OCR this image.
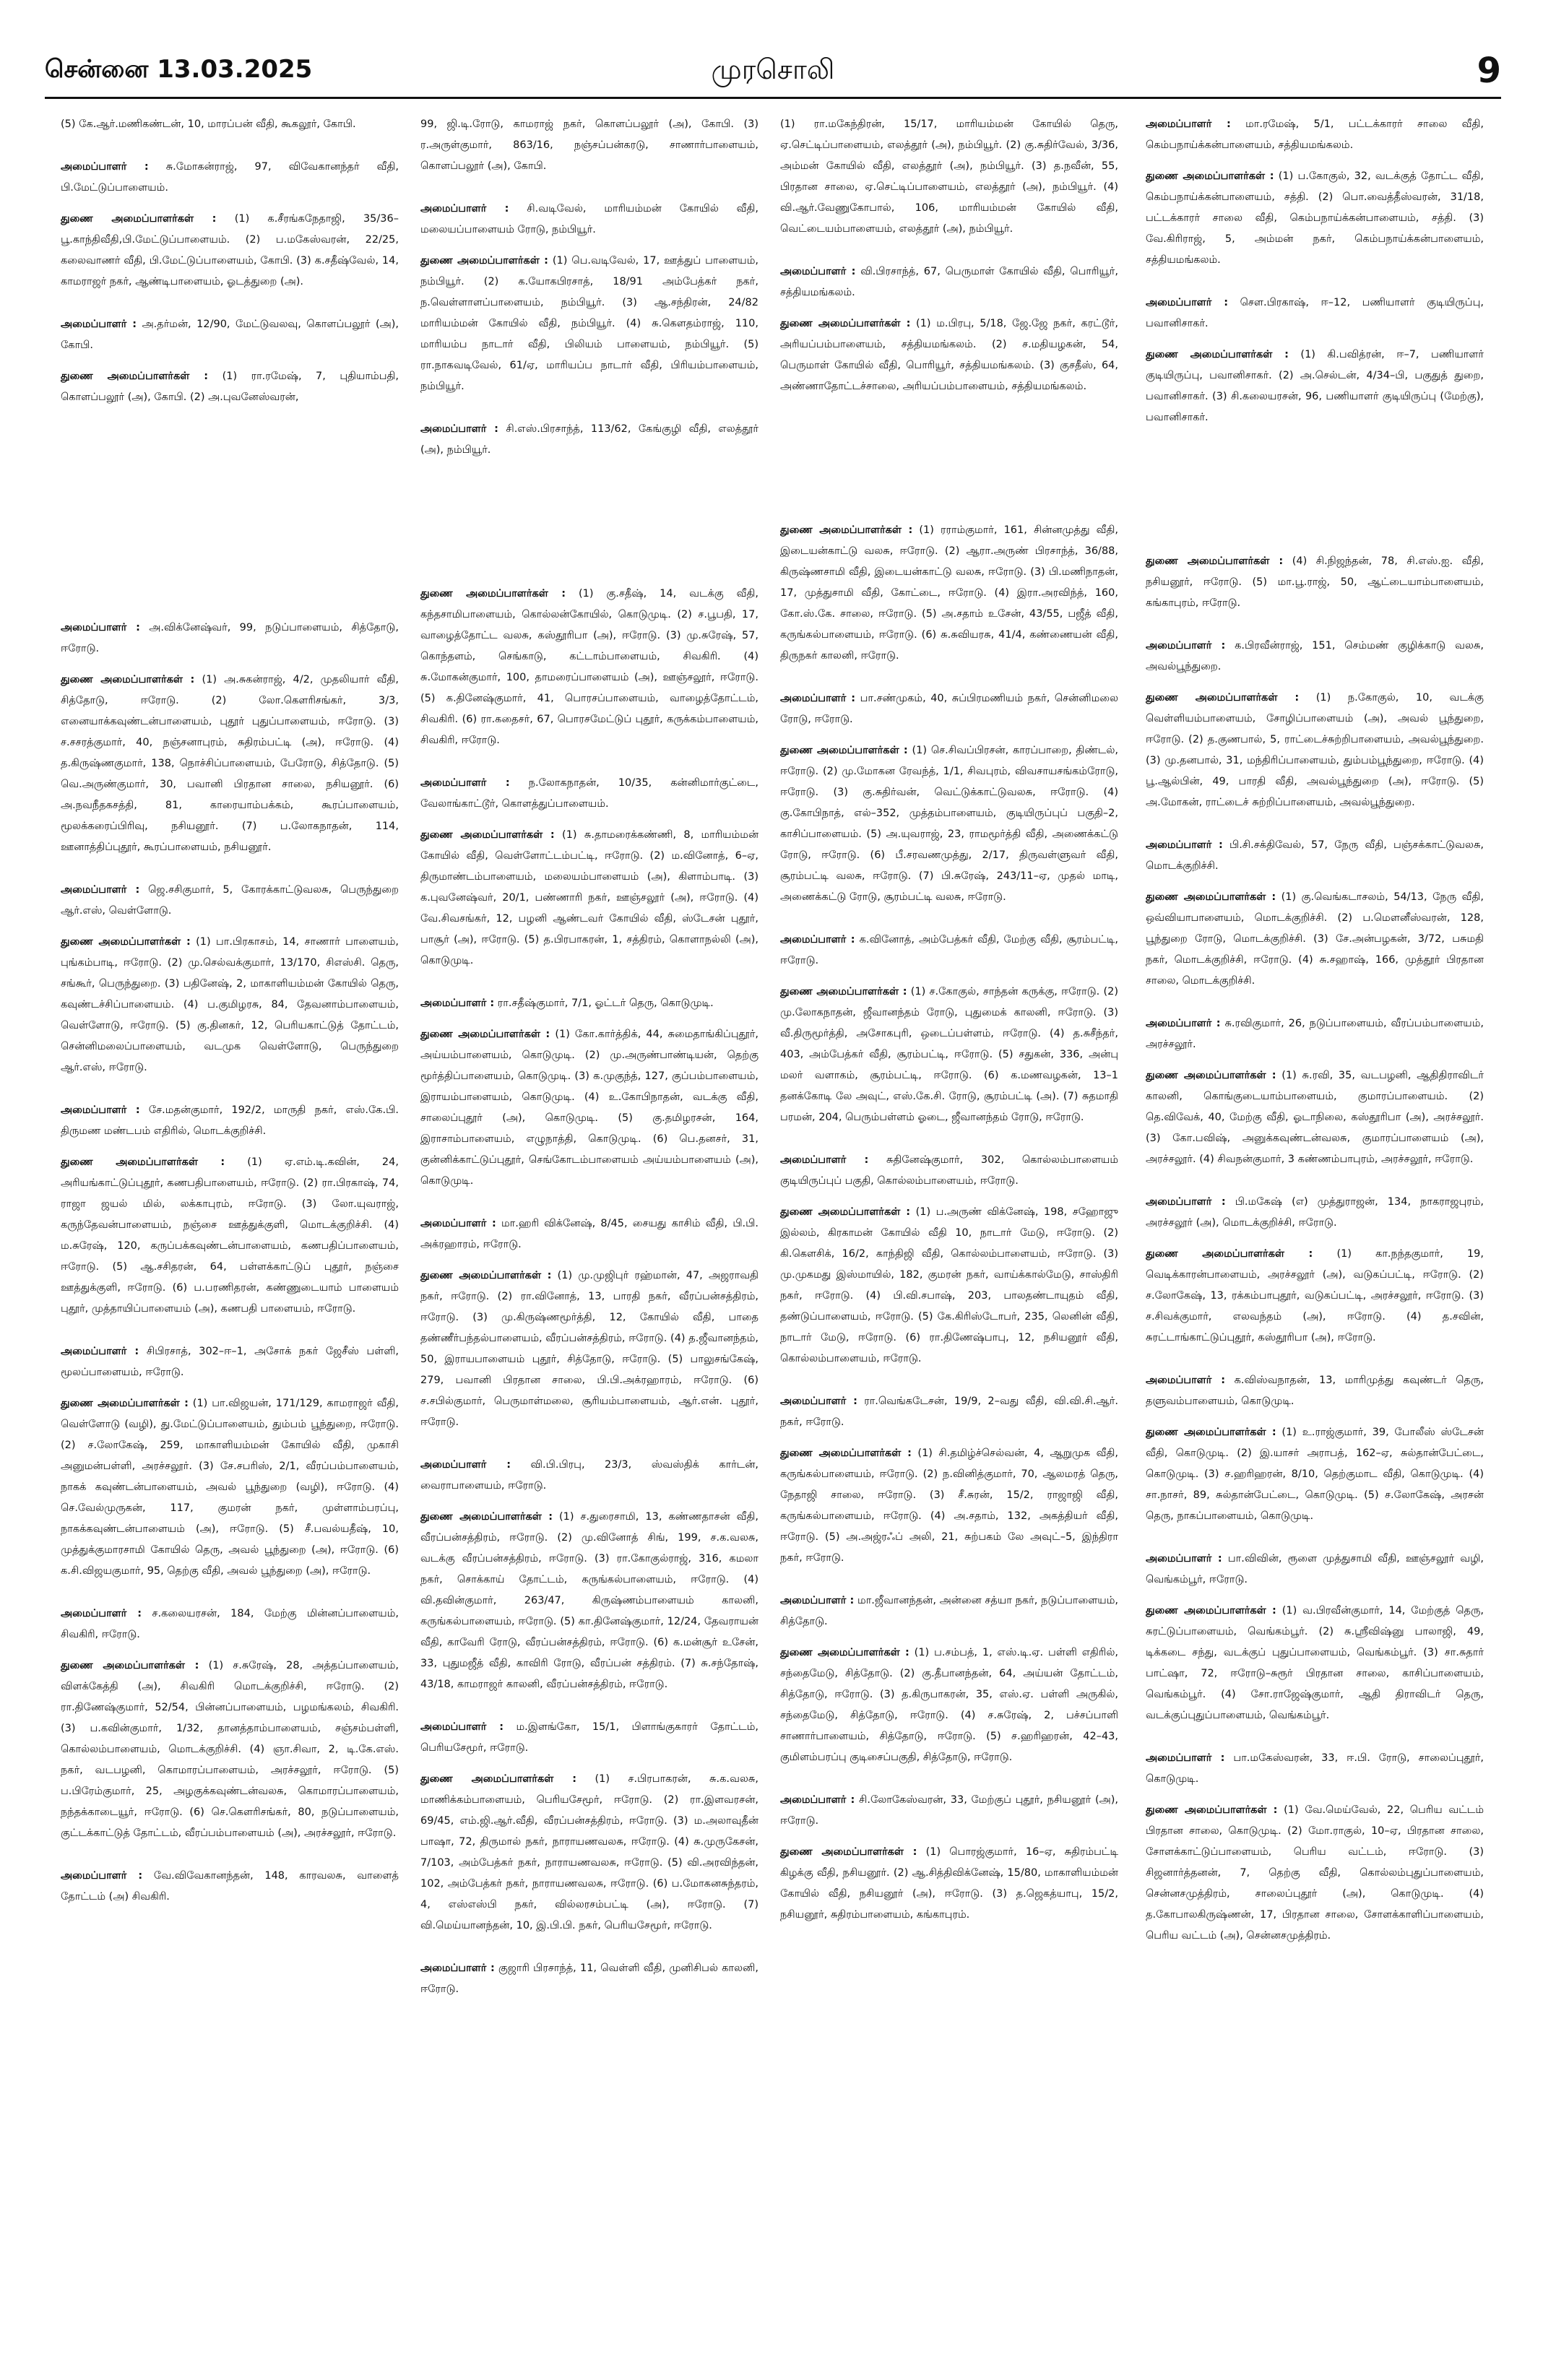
சென்னை 13.03.2025	முரசொலி	9

(5) கே.ஆர்.மணிகண்டன், 10, மாரப்பன் வீதி, கூகலூர், கோபி.

அமைப்பாளர் : சு.மோகன்ராஜ், 97, விவேகானந்தர் வீதி, பி.மேட்டுப்பாளையம்.

துணை அமைப்பாளர்கள் : (1) க.சீரங்கநேதாஜி, 35/36–பூ.காந்திவீதி,பி.மேட்டுப்பாளையம். (2) ப.மகேஸ்வரன், 22/25, கலைவாணர் வீதி, பி.மேட்டுப்பாளையம், கோபி. (3) க.சதீஷ்வேல், 14, காமராஜர் நகர், ஆண்டிபாளையம், ஓடத்துறை (அ).

அமைப்பாளர் : அ.தர்மன், 12/90, மேட்டுவலவு, கொளப்பலூர் (அ), கோபி.

துணை அமைப்பாளர்கள் : (1) ரா.ரமேஷ், 7, புதியாம்பதி, கொளப்பலூர் (அ), கோபி. (2) அ.புவனேஸ்வரன்,

அமைப்பாளர் : அ.விக்னேஷ்வர், 99, நடுப்பாளையம், சித்தோடு, ஈரோடு.

துணை அமைப்பாளர்கள் : (1) அ.சுகன்ராஜ், 4/2, முதலியார் வீதி, சித்தோடு, ஈரோடு. (2) லோ.கௌரிசங்கர், 3/3, எனையாக்கவுண்டன்பாளையம், புதூர் புதுப்பாளையம், ஈரோடு. (3) ச.சசரத்குமார், 40, நஞ்சனாபுரம், சுதிரம்பட்டி (அ), ஈரோடு. (4) த.கிருஷ்ணகுமார், 138, நொச்சிப்பாளையம், பேரோடு, சித்தோடு. (5) வெ.அருண்குமார், 30, பவானி பிரதான சாலை, நசியனூர். (6) அ.நவநீதகசத்தி, 81, காரையாம்பக்கம், கூரப்பாளையம், மூலக்கரைப்பிரிவு, நசியனூர். (7) ப.லோகநாதன், 114, ஊனாத்திப்புதூர், கூரப்பாளையம், நசியனூர்.

அமைப்பாளர் : ஜெ.சசிகுமார், 5, கோரக்காட்டுவலசு, பெருந்துறை ஆர்.எஸ், வெள்ளோடு.

துணை அமைப்பாளர்கள் : (1) பா.பிரகாசம், 14, சாணார் பாளையம், புங்கம்பாடி, ஈரோடு. (2) மு.செல்வக்குமார், 13/170, சிஎஸ்சி. தெரு, சங்கூர், பெருந்துறை. (3) பதினேஷ், 2, மாகாளியம்மன் கோயில் தெரு, கவுண்டச்சிப்பாளையம். (4) ப.குமிழரசு, 84, தேவனாம்பாளையம், வெள்ளோடு, ஈரோடு. (5) கு.தினகர், 12, பெரியகாட்டுத் தோட்டம், சென்னிமலைப்பாளையம், வடமுக வெள்ளோடு, பெருந்துறை ஆர்.எஸ், ஈரோடு.

அமைப்பாளர் : சே.மதன்குமார், 192/2, மாருதி நகர், எஸ்.கே.பி. திருமண மண்டபம் எதிரில், மொடக்குறிச்சி.

துணை அமைப்பாளர்கள் : (1) ஏ.எம்.டி.கவின், 24, அரியங்காட்டுப்புதூர், கணபதிபாளையம், ஈரோடு. (2) ரா.பிரகாஷ், 74, ராஜா ஜயல் மில், லக்காபுரம், ஈரோடு. (3) லோ.யுவராஜ், கருந்தேவன்பாளையம், நஞ்சை ஊத்துக்குளி, மொடக்குறிச்சி. (4) ம.சுரேஷ், 120, கருப்பக்கவுண்டன்பாளையம், கணபதிப்பாளையம், ஈரோடு. (5) ஆ.சசிதரன், 64, பள்ளக்காட்டுப் புதூர், நஞ்சை ஊத்துக்குளி, ஈரோடு. (6) ப.பரணிதரன், கண்ணுடையாம் பாளையம் புதூர், முத்தாயிப்பாளையம் (அ), கணபதி பாளையம், ஈரோடு.

அமைப்பாளர் : சிபிரசாத், 302–ஈ–1, அசோக் நகர் ஜேசீஸ் பள்ளி, மூலப்பாளையம், ஈரோடு.

துணை அமைப்பாளர்கள் : (1) பா.விஜயன், 171/129, காமராஜர் வீதி, வெள்ளோடு (வழி), து.மேட்டுப்பாளையம், தும்பம் பூந்துறை, ஈரோடு. (2) ச.லோகேஷ், 259, மாகாளியம்மன் கோயில் வீதி, முகாசி அனுமன்பள்ளி, அரச்சலூர். (3) சே.சபரிஸ், 2/1, வீரப்பம்பாளையம், நாகக் கவுண்டன்பாளையம், அவல் பூந்துறை (வழி), ஈரோடு. (4) செ.வேல்முருகன், 117, குமரன் நகர், முள்ளாம்பரப்பு, நாகக்கவுண்டன்பாளையம் (அ), ஈரோடு. (5) சீ.பவல்யதீஷ், 10, முத்துக்குமாரசாமி கோயில் தெரு, அவல் பூந்துறை (அ), ஈரோடு. (6) க.சி.விஜயகுமார், 95, தெற்கு வீதி, அவல் பூந்துறை (அ), ஈரோடு.

அமைப்பாளர் : ச.கலையரசன், 184, மேற்கு மின்னப்பாளையம், சிவகிரி, ஈரோடு.

துணை அமைப்பாளர்கள் : (1) ச.சுரேஷ், 28, அத்தப்பாளையம், விளக்கேத்தி (அ), சிவகிரி மொடக்குறிச்சி, ஈரோடு. (2) ரா.திணேஷ்குமார், 52/54, பின்னப்பாளையம், பழமங்கலம், சிவகிரி. (3) ப.கவின்குமார், 1/32, தானத்தாம்பாளையம், சஞ்சம்பள்ளி, கொல்லம்பாளையம், மொடக்குறிச்சி. (4) ஞா.சிவா, 2, டி.கே.எஸ். நகர், வடபழனி, கொமாரப்பாளையம், அரச்சலூர், ஈரோடு. (5) ப.பிரேம்குமார், 25, அழகுக்கவுண்டன்வலசு, கொமாரப்பாளையம், நந்தக்காடையூர், ஈரோடு. (6) செ.கௌரிசங்கர், 80, நடுப்பாளையம், குட்டக்காட்டுத் தோட்டம், வீரப்பம்பாளையம் (அ), அரச்சலூர், ஈரோடு.

அமைப்பாளர் : வே.விவேகானந்தன், 148, காரவலசு, வாளைத் தோட்டம் (அ) சிவகிரி.

99, ஜி.டி.ரோடு, காமராஜ் நகர், கொளப்பலூர் (அ), கோபி. (3) ர.அருள்குமார், 863/16, நஞ்சப்பன்கரடு, சாணார்பாளையம், கொளப்பலூர் (அ), கோபி.

அமைப்பாளர் : சி.வடிவேல், மாரியம்மன் கோயில் வீதி, மலையப்பாளையம் ரோடு, நம்பியூர்.

துணை அமைப்பாளர்கள் : (1) பெ.வடிவேல், 17, ஊத்துப் பாளையம், நம்பியூர். (2) க.யோகபிரசாத், 18/91 அம்பேத்கர் நகர், ந.வெள்ளாளப்பாளையம், நம்பியூர். (3) ஆ.சந்திரன், 24/82 மாரியம்மன் கோயில் வீதி, நம்பியூர். (4) சு.கௌதம்ராஜ், 110, மாரியம்ப நாடார் வீதி, பிலியம் பாளையம், நம்பியூர். (5) ரா.நாகவடிவேல், 61/ஏ, மாரியப்ப நாடார் வீதி, பிரியம்பாளையம், நம்பியூர்.

அமைப்பாளர் : சி.எஸ்.பிரசாந்த், 113/62, கேங்குழி வீதி, எலத்தூர் (அ), நம்பியூர்.

துணை அமைப்பாளர்கள் : (1) கு.சதீஷ், 14, வடக்கு வீதி, கந்தசாமிபாளையம், கொல்லன்கோயில், கொடுமுடி. (2) ச.பூபதி, 17, வாழைத்தோட்ட வலசு, கஸ்தூரிபா (அ), ஈரோடு. (3) மு.சுரேஷ், 57, கொந்தளம், செங்காடு, கட்டாம்பாளையம், சிவகிரி. (4) சு.மோகன்குமார், 100, தாமரைப்பாளையம் (அ), ஊஞ்சலூர், ஈரோடு. (5) க.தினேஷ்குமார், 41, பொரசப்பாளையம், வாழைத்தோட்டம், சிவகிரி. (6) ரா.கதைசர், 67, பொரசமேட்டுப் புதூர், கருக்கம்பாளையம், சிவகிரி, ஈரோடு.

அமைப்பாளர் : ந.லோகநாதன், 10/35, கன்னிமார்குட்டை, வேலாங்காட்டூர், கொளத்துப்பாளையம்.

துணை அமைப்பாளர்கள் : (1) சு.தாமரைக்கண்ணி, 8, மாரியம்மன் கோயில் வீதி, வெள்ளோட்டம்பட்டி, ஈரோடு. (2) ம.வினோத், 6–ஏ, திருமாண்டம்பாளையம், மலையம்பாளையம் (அ), கிளாம்பாடி. (3) க.புவனேஷ்வர், 20/1, பண்ணாரி நகர், ஊஞ்சலூர் (அ), ஈரோடு. (4) வே.சிவசங்கர், 12, பழனி ஆண்டவர் கோயில் வீதி, ஸ்டேசன் புதூர், பாசூர் (அ), ஈரோடு. (5) த.பிரபாகரன், 1, சத்திரம், கொளாநல்லி (அ), கொடுமுடி.

அமைப்பாளர் : ரா.சதீஷ்குமார், 7/1, ஓட்டர் தெரு, கொடுமுடி.

துணை அமைப்பாளர்கள் : (1) கோ.கார்த்திக், 44, சுமைதாங்கிப்புதூர், அய்யம்பாளையம், கொடுமுடி. (2) மு.அருண்பாண்டியன், தெற்கு மூர்த்திப்பாளையம், கொடுமுடி. (3) க.முகுந்த், 127, குப்பம்பாளையம், இராயம்பாளையம், கொடுமுடி. (4) உ.கோபிநாதன், வடக்கு வீதி, சாலைப்புதூர் (அ), கொடுமுடி. (5) கு.தமிழரசன், 164, இராசாம்பாளையம், எழுநாத்தி, கொடுமுடி. (6) பெ.தனசர், 31, குன்னிக்காட்டுப்புதூர், செங்கோடம்பாளையம் அய்யம்பாளையம் (அ), கொடுமுடி.

அமைப்பாளர் : மா.ஹரி விக்னேஷ், 8/45, சையது காசிம் வீதி, பி.பி. அக்ரஹாரம், ஈரோடு.

துணை அமைப்பாளர்கள் : (1) மு.முஜிபுர் ரஹ்மான், 47, அஜராவதி நகர், ஈரோடு. (2) ரா.வினோத், 13, பாரதி நகர், வீரப்பன்சத்திரம், ஈரோடு. (3) மு.கிருஷ்ணமூர்த்தி, 12, கோயில் வீதி, பாதை தண்ணீர்பந்தல்பாளையம், வீரப்பன்சத்திரம், ஈரோடு. (4) த.ஜீவானந்தம், 50, இராயபாளையம் புதூர், சித்தோடு, ஈரோடு. (5) பாலுசங்கேஷ், 279, பவானி பிரதான சாலை, பி.பி.அக்ரஹாரம், ஈரோடு. (6) ச.சபில்குமார், பெருமாள்மலை, சூரியம்பாளையம், ஆர்.என். புதூர், ஈரோடு.

அமைப்பாளர் : வி.பி.பிரபு, 23/3, ஸ்வஸ்திக் கார்டன், வைராபாளையம், ஈரோடு.

துணை அமைப்பாளர்கள் : (1) ச.துரைசாமி, 13, கண்ணதாசன் வீதி, வீரப்பன்சத்திரம், ஈரோடு. (2) மு.வினோத் சிங், 199, ச.க.வலசு, வடக்கு வீரப்பன்சத்திரம், ஈரோடு. (3) ரா.கோகுல்ராஜ், 316, கமலா நகர், சொக்காய் தோட்டம், கருங்கல்பாளையம், ஈரோடு. (4) வி.தவின்குமார், 263/47, கிருஷ்ணம்பாளையம் காலனி, கருங்கல்பாளையம், ஈரோடு. (5) கா.தினேஷ்குமார், 12/24, தேவராயன் வீதி, காவேரி ரோடு, வீரப்பன்சத்திரம், ஈரோடு. (6) க.மன்சூர் உசேன், 33, புதுமஜீத் வீதி, காவிரி ரோடு, வீரப்பன் சத்திரம். (7) சு.சந்தோஷ், 43/18, காமராஜர் காலனி, வீரப்பன்சத்திரம், ஈரோடு.

அமைப்பாளர் : ம.இளங்கோ, 15/1, பிளாங்குகாரர் தோட்டம், பெரியசேமூர், ஈரோடு.

துணை அமைப்பாளர்கள் : (1) ச.பிரபாகரன், சு.க.வலசு, மாணிக்கம்பாளையம், பெரியசேமூர், ஈரோடு. (2) ரா.இளவரசன், 69/45, எம்.ஜி.ஆர்.வீதி, வீரப்பன்சத்திரம், ஈரோடு. (3) ம.அலாவுதீன் பாஷா, 72, திருமால் நகர், நாராயணவலசு, ஈரோடு. (4) சு.முருகேசன், 7/103, அம்பேத்கர் நகர், நாராயணவலசு, ஈரோடு. (5) வி.அரவிந்தன், 102, அம்பேத்கர் நகர், நாராயணவலசு, ஈரோடு. (6) ப.மோகனசுந்தரம், 4, எஸ்எஸ்பி நகர், வில்லரசம்பட்டி (அ), ஈரோடு. (7) வி.மெய்யானந்தன், 10, இ.பி.பி. நகர், பெரியசேமூர், ஈரோடு.

அமைப்பாளர் : குஜாரி பிரசாந்த், 11, வெள்ளி வீதி, முனிசிபல் காலனி, ஈரோடு.

(1) ரா.மகேந்திரன், 15/17, மாரியம்மன் கோயில் தெரு, ஏ.செட்டிப்பாளையம், எலத்தூர் (அ), நம்பியூர். (2) கு.சுதிர்வேல், 3/36, அம்மன் கோயில் வீதி, எலத்தூர் (அ), நம்பியூர். (3) த.நவீன், 55, பிரதான சாலை, ஏ.செட்டிப்பாளையம், எலத்தூர் (அ), நம்பியூர். (4) வி.ஆர்.வேணுகோபால், 106, மாரியம்மன் கோயில் வீதி, வெட்டையம்பாளையம், எலத்தூர் (அ), நம்பியூர்.

அமைப்பாளர் : வி.பிரசாந்த், 67, பெருமாள் கோயில் வீதி, பொரியூர், சத்தியமங்கலம்.

துணை அமைப்பாளர்கள் : (1) ம.பிரபு, 5/18, ஜே.ஜே நகர், கரட்டூர், அரியப்பம்பாளையம், சத்தியமங்கலம். (2) ச.மதியழகன், 54, பெருமாள் கோயில் வீதி, பொரியூர், சத்தியமங்கலம். (3) குசதீஸ், 64, அண்ணாதோட்டச்சாலை, அரியப்பம்பாளையம், சத்தியமங்கலம்.

துணை அமைப்பாளர்கள் : (1) ரராம்குமார், 161, சின்னமுத்து வீதி, இடையன்காட்டு வலசு, ஈரோடு. (2) ஆரா.அருண் பிரசாந்த், 36/88, கிருஷ்ணசாமி வீதி, இடையன்காட்டு வலசு, ஈரோடு. (3) பி.மணிநாதன், 17, முத்துசாமி வீதி, கோட்டை, ஈரோடு. (4) இரா.அரவிந்த், 160, கோ.ஸ்.கே. சாலை, ஈரோடு. (5) அ.சதாம் உசேன், 43/55, பஜீத் வீதி, கருங்கல்பாளையம், ஈரோடு. (6) சு.சுவியரசு, 41/4, கண்ணையன் வீதி, திருநகர் காலனி, ஈரோடு.

அமைப்பாளர் : பா.சண்முகம், 40, சுப்பிரமணியம் நகர், சென்னிமலை ரோடு, ஈரோடு.

துணை அமைப்பாளர்கள் : (1) செ.சிவப்பிரசன், காரப்பாறை, திண்டல், ஈரோடு. (2) மு.மோகன ரேவந்த், 1/1, சிவபுரம், விவசாயசங்கம்ரோடு, ஈரோடு. (3) கு.சுதிர்வன், வெட்டுக்காட்டுவலசு, ஈரோடு. (4) கு.கோபிநாத், எல்–352, முத்தம்பாளையம், குடியிருப்புப் பகுதி–2, காசிப்பாளையம். (5) அ.யுவராஜ், 23, ராமமூர்த்தி வீதி, அணைக்கட்டு ரோடு, ஈரோடு. (6) பீ.சரவணமுத்து, 2/17, திருவள்ளுவர் வீதி, சூரம்பட்டி வலசு, ஈரோடு. (7) பி.சுரேஷ், 243/11–ஏ, முதல் மாடி, அணைக்கட்டு ரோடு, சூரம்பட்டி வலசு, ஈரோடு.

அமைப்பாளர் : க.வினோத், அம்பேத்கர் வீதி, மேற்கு வீதி, சூரம்பட்டி, ஈரோடு.

துணை அமைப்பாளர்கள் : (1) ச.கோகுல், சாந்தன் கருக்கு, ஈரோடு. (2) மு.லோகநாதன், ஜீவானந்தம் ரோடு, புதுமைக் காலனி, ஈரோடு. (3) வீ.திருமூர்த்தி, அசோகபுரி, ஒடைப்பள்ளம், ஈரோடு. (4) த.சுசீந்தர், 403, அம்பேத்கர் வீதி, சூரம்பட்டி, ஈரோடு. (5) சதுகன், 336, அன்பு மலர் வளாகம், சூரம்பட்டி, ஈரோடு. (6) க.மணவழகன், 13–1 தனக்கோடி லே அவுட், எஸ்.கே.சி. ரோடு, சூரம்பட்டி (அ). (7) சுதமாதி பரமன், 204, பெரும்பள்ளம் ஓடை, ஜீவானந்தம் ரோடு, ஈரோடு.

அமைப்பாளர் : சுதினேஷ்குமார், 302, கொல்லம்பாளையம் குடியிருப்புப் பகுதி, கொல்லம்பாளையம், ஈரோடு.

துணை அமைப்பாளர்கள் : (1) ப.அருண் விக்னேஷ், 198, சஹோஜு இல்லம், கிரகாமன் கோயில் வீதி 10, நாடார் மேடு, ஈரோடு. (2) கி.கௌசிக், 16/2, காந்திஜி வீதி, கொல்லம்பாளையம், ஈரோடு. (3) மு.முகமது இஸ்மாயில், 182, குமரன் நகர், வாய்க்கால்மேடு, சாஸ்திரி நகர், ஈரோடு. (4) பி.வி.சபாஷ், 203, பாலதண்டாயுதம் வீதி, தண்டுப்பாளையம், ஈரோடு. (5) கே.கிரிஸ்டோபர், 235, லெனின் வீதி, நாடார் மேடு, ஈரோடு. (6) ரா.திணேஷ்பாபு, 12, நசியனூர் வீதி, கொல்லம்பாளையம், ஈரோடு.

அமைப்பாளர் : ரா.வெங்கடேசன், 19/9, 2–வது வீதி, வி.வி.சி.ஆர். நகர், ஈரோடு.

துணை அமைப்பாளர்கள் : (1) சி.தமிழ்ச்செல்வன், 4, ஆறுமுக வீதி, கருங்கல்பாளையம், ஈரோடு. (2) ந.வினித்குமார், 70, ஆலமரத் தெரு, நேதாஜி சாலை, ஈரோடு. (3) சீ.சுரன், 15/2, ராஜாஜி வீதி, கருங்கல்பாளையம், ஈரோடு. (4) அ.சதாம், 132, அகத்தியர் வீதி, ஈரோடு. (5) அ.அஜ்ரஃப் அலி, 21, சுற்பகம் லே அவுட்–5, இந்திரா நகர், ஈரோடு.

அமைப்பாளர் : மா.ஜீவானந்தன், அன்னை சத்யா நகர், நடுப்பாளையம், சித்தோடு.

துணை அமைப்பாளர்கள் : (1) ப.சம்பத், 1, எஸ்.டி.ஏ. பள்ளி எதிரில், சந்தைமேடு, சித்தோடு. (2) கு.தீபானந்தன், 64, அய்யன் தோட்டம், சித்தோடு, ஈரோடு. (3) த.கிருபாகரன், 35, எஸ்.ஏ. பள்ளி அருகில், சந்தைமேடு, சித்தோடு, ஈரோடு. (4) ச.சுரேஷ், 2, பச்சப்பாளி சாணார்பாளையம், சித்தோடு, ஈரோடு. (5) ச.ஹரிஹரன், 42–43, குமிளம்பரப்பு குடிசைப்பகுதி, சித்தோடு, ஈரோடு.

அமைப்பாளர் : சி.லோகேஸ்வரன், 33, மேற்குப் புதூர், நசியனூர் (அ), ஈரோடு.

துணை அமைப்பாளர்கள் : (1) பொரஜ்குமார், 16–ஏ, சுதிரம்பட்டி கிழக்கு வீதி, நசியனூர். (2) ஆ.சித்திவிக்னேஷ், 15/80, மாகாளியம்மன் கோயில் வீதி, நசியனூர் (அ), ஈரோடு. (3) த.ஜெகத்யாபு, 15/2, நசியனூர், சுதிரம்பாளையம், கங்காபுரம்.

அமைப்பாளர் : மா.ரமேஷ், 5/1, பட்டக்காரர் சாலை வீதி, கெம்பநாய்க்கன்பாளையம், சத்தியமங்கலம்.

துணை அமைப்பாளர்கள் : (1) ப.கோகுல், 32, வடக்குத் தோட்ட வீதி, கெம்பநாய்க்கன்பாளையம், சத்தி. (2) பொ.வைத்தீஸ்வரன், 31/18, பட்டக்காரர் சாலை வீதி, கெம்பநாய்க்கன்பாளையம், சத்தி. (3) வே.கிரிராஜ், 5, அம்மன் நகர், கெம்பநாய்க்கன்பாளையம், சத்தியமங்கலம்.

அமைப்பாளர் : செள.பிரகாஷ், ஈ–12, பணியாளர் குடியிருப்பு, பவானிசாகர்.

துணை அமைப்பாளர்கள் : (1) கி.பவித்ரன், ஈ–7, பணியாளர் குடியிருப்பு, பவானிசாகர். (2) அ.செல்டன், 4/34–பி, பகுதுத் துறை, பவானிசாகர். (3) சி.கலையரசன், 96, பணியாளர் குடியிருப்பு (மேற்கு), பவானிசாகர்.

துணை அமைப்பாளர்கள் : (4) சி.நிஜந்தன், 78, சி.எஸ்.ஐ. வீதி, நசியனூர், ஈரோடு. (5) மா.பூ.ராஜ், 50, ஆட்டையாம்பாளையம், கங்காபுரம், ஈரோடு.

அமைப்பாளர் : க.பிரவீன்ராஜ், 151, செம்மண் குழிக்காடு வலசு, அவல்பூந்துறை.

துணை அமைப்பாளர்கள் : (1) ந.கோகுல், 10, வடக்கு வெள்ளியம்பாளையம், சோழிப்பாளையம் (அ), அவல் பூந்துறை, ஈரோடு. (2) த.குணபால், 5, ராட்டைச்சுற்றிபாளையம், அவல்பூந்துறை. (3) மு.தனபால், 31, மந்திரிப்பாளையம், தும்பம்பூந்துறை, ஈரோடு. (4) பூ.ஆல்பின், 49, பாரதி வீதி, அவல்பூந்துறை (அ), ஈரோடு. (5) அ.மோகன், ராட்டைச் சுற்றிப்பாளையம், அவல்பூந்துறை.

அமைப்பாளர் : பி.சி.சக்திவேல், 57, நேரு வீதி, பஞ்சக்காட்டுவலசு, மொடக்குறிச்சி.

துணை அமைப்பாளர்கள் : (1) கு.வெங்கடாசலம், 54/13, நேரு வீதி, ஒவ்வியாபாளையம், மொடக்குறிச்சி. (2) ப.மௌனீஸ்வரன், 128, பூந்துறை ரோடு, மொடக்குறிச்சி. (3) சே.அன்பழகன், 3/72, பசுமதி நகர், மொடக்குறிச்சி, ஈரோடு. (4) சு.சஹாஷ், 166, முத்தூர் பிரதான சாலை, மொடக்குறிச்சி.

அமைப்பாளர் : சு.ரவிகுமார், 26, நடுப்பாளையம், வீரப்பம்பாளையம், அரச்சலூர்.

துணை அமைப்பாளர்கள் : (1) சு.ரவி, 35, வடபழனி, ஆதிதிராவிடர் காலனி, கொங்குடையாம்பாளையம், குமாரப்பாளையம். (2) தெ.விவேக், 40, மேற்கு வீதி, ஓடாநிலை, கஸ்தூரிபா (அ), அரச்சலூர். (3) கோ.பவிஷ், அனுக்கவுண்டன்வலசு, குமாரப்பாளையம் (அ), அரச்சலூர். (4) சிவநன்குமார், 3 கண்ணம்பாபுரம், அரச்சலூர், ஈரோடு.

அமைப்பாளர் : பி.மகேஷ் (எ) முத்துராஜன், 134, நாகராஜபுரம், அரச்சலூர் (அ), மொடக்குறிச்சி, ஈரோடு.

துணை அமைப்பாளர்கள் : (1) கா.நந்தகுமார், 19, வெடிக்காரன்பாளையம், அரச்சலூர் (அ), வடுகப்பட்டி, ஈரோடு. (2) ச.லோகேஷ், 13, ரக்கம்பாபுதூர், வடுகப்பட்டி, அரச்சலூர், ஈரோடு. (3) ச.சிவக்குமார், எலவந்தம் (அ), ஈரோடு. (4) த.சவின், சுரட்டாங்காட்டுப்புதூர், கஸ்தூரிபா (அ), ஈரோடு.

அமைப்பாளர் : க.விஸ்வநாதன், 13, மாரிமுத்து கவுண்டர் தெரு, தளுவம்பாளையம், கொடுமுடி.

துணை அமைப்பாளர்கள் : (1) உ.ராஜ்குமார், 39, போலீஸ் ஸ்டேசன் வீதி, கொடுமுடி. (2) இ.யாசர் அராபத், 162–ஏ, சுல்தான்பேட்டை, கொடுமுடி. (3) ச.ஹரிஹரன், 8/10, தெற்குமாட வீதி, கொடுமுடி. (4) சா.நாசர், 89, சுல்தான்பேட்டை, கொடுமுடி. (5) ச.லோகேஷ், அரசன் தெரு, நாகப்பாளையம், கொடுமுடி.

அமைப்பாளர் : பா.விவின், ரூளை முத்துசாமி வீதி, ஊஞ்சலூர் வழி, வெங்கம்பூர், ஈரோடு.

துணை அமைப்பாளர்கள் : (1) வ.பிரவீன்குமார், 14, மேற்குத் தெரு, சுரட்டுப்பாளையம், வெங்கம்பூர். (2) சு.ஸ்ரீவிஷ்னு பாலாஜி, 49, டிக்கடை சந்து, வடக்குப் புதுப்பாளையம், வெங்கம்பூர். (3) சா.சுதார் பாட்ஷா, 72, ஈரோடு–சுரூர் பிரதான சாலை, காசிப்பாளையம், வெங்கம்பூர். (4) சோ.ராஜேஷ்குமார், ஆதி திராவிடர் தெரு, வடக்குப்புதுப்பாளையம், வெங்கம்பூர்.

அமைப்பாளர் : பா.மகேஸ்வரன், 33, ஈ.பி. ரோடு, சாலைப்புதூர், கொடுமுடி.

துணை அமைப்பாளர்கள் : (1) வே.மெய்வேல், 22, பெரிய வட்டம் பிரதான சாலை, கொடுமுடி. (2) மோ.ராகுல், 10–ஏ, பிரதான சாலை, சோளக்காட்டுப்பாளையம், பெரிய வட்டம், ஈரோடு. (3) சிஜனார்த்தனன், 7, தெற்கு வீதி, கொல்லம்புதுப்பாளையம், சென்னசமுத்திரம், சாலைப்புதூர் (அ), கொடுமுடி. (4) த.கோபாலகிருஷ்ணன், 17, பிரதான சாலை, சோளக்காளிப்பாளையம், பெரிய வட்டம் (அ), சென்னசமுத்திரம்.
